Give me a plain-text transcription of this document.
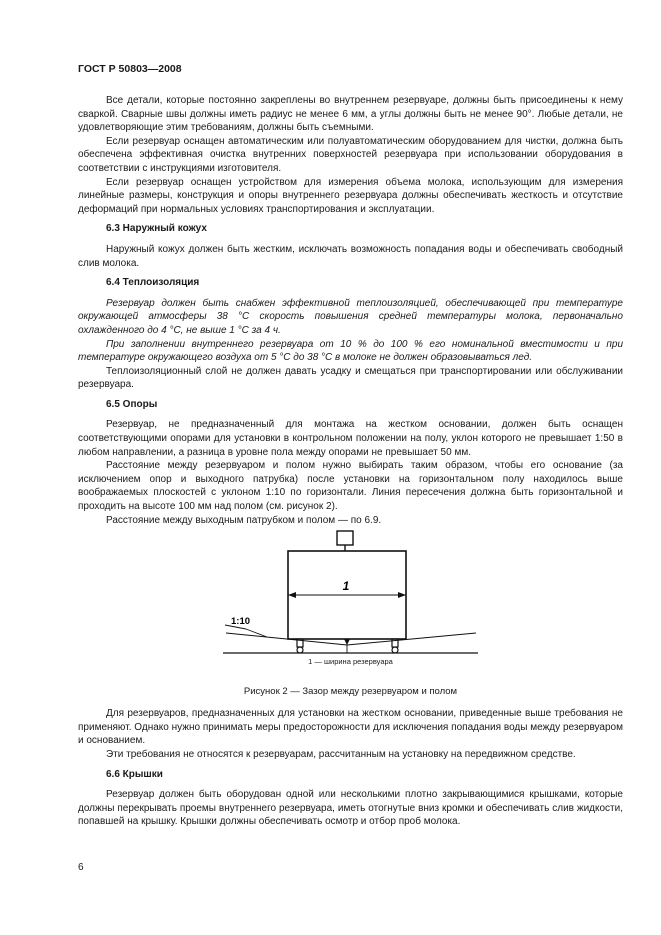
ГОСТ Р 50803—2008

Все детали, которые постоянно закреплены во внутреннем резервуаре, должны быть присоединены к нему сваркой. Сварные швы должны иметь радиус не менее 6 мм, а углы должны быть не менее 90°. Любые детали, не удовлетворяющие этим требованиям, должны быть съемными.

Если резервуар оснащен автоматическим или полуавтоматическим оборудованием для чистки, должна быть обеспечена эффективная очистка внутренних поверхностей резервуара при использовании оборудования в соответствии с инструкциями изготовителя.

Если резервуар оснащен устройством для измерения объема молока, использующим для измерения линейные размеры, конструкция и опоры внутреннего резервуара должны обеспечивать жесткость и отсутствие деформаций при нормальных условиях транспортирования и эксплуатации.

6.3 Наружный кожух

Наружный кожух должен быть жестким, исключать возможность попадания воды и обеспечивать свободный слив молока.

6.4 Теплоизоляция

Резервуар должен быть снабжен эффективной теплоизоляцией, обеспечивающей при температуре окружающей атмосферы 38 °С скорость повышения средней температуры молока, первоначально охлажденного до 4 °С, не выше 1 °С за 4 ч.

При заполнении внутреннего резервуара от 10 % до 100 % его номинальной вместимости и при температуре окружающего воздуха от 5 °С до 38 °С в молоке не должен образовываться лед.

Теплоизоляционный слой не должен давать усадку и смещаться при транспортировании или обслуживании резервуара.

6.5 Опоры

Резервуар, не предназначенный для монтажа на жестком основании, должен быть оснащен соответствующими опорами для установки в контрольном положении на полу, уклон которого не превышает 1:50 в любом направлении, а разница в уровне пола между опорами не превышает 50 мм.

Расстояние между резервуаром и полом нужно выбирать таким образом, чтобы его основание (за исключением опор и выходного патрубка) после установки на горизонтальном полу находилось выше воображаемых плоскостей с уклоном 1:10 по горизонтали. Линия пересечения должна быть горизонтальной и проходить на высоте 100 мм над полом (см. рисунок 2).

Расстояние между выходным патрубком и полом — по 6.9.

1
1:10
1 — ширина резервуара
Рисунок 2 — Зазор между резервуаром и полом

Для резервуаров, предназначенных для установки на жестком основании, приведенные выше требования не применяют. Однако нужно принимать меры предосторожности для исключения попадания воды между резервуаром и основанием.

Эти требования не относятся к резервуарам, рассчитанным на установку на передвижном средстве.

6.6 Крышки

Резервуар должен быть оборудован одной или несколькими плотно закрывающимися крышками, которые должны перекрывать проемы внутреннего резервуара, иметь отогнутые вниз кромки и обеспечивать слив жидкости, попавшей на крышку. Крышки должны обеспечивать осмотр и отбор проб молока.

6
